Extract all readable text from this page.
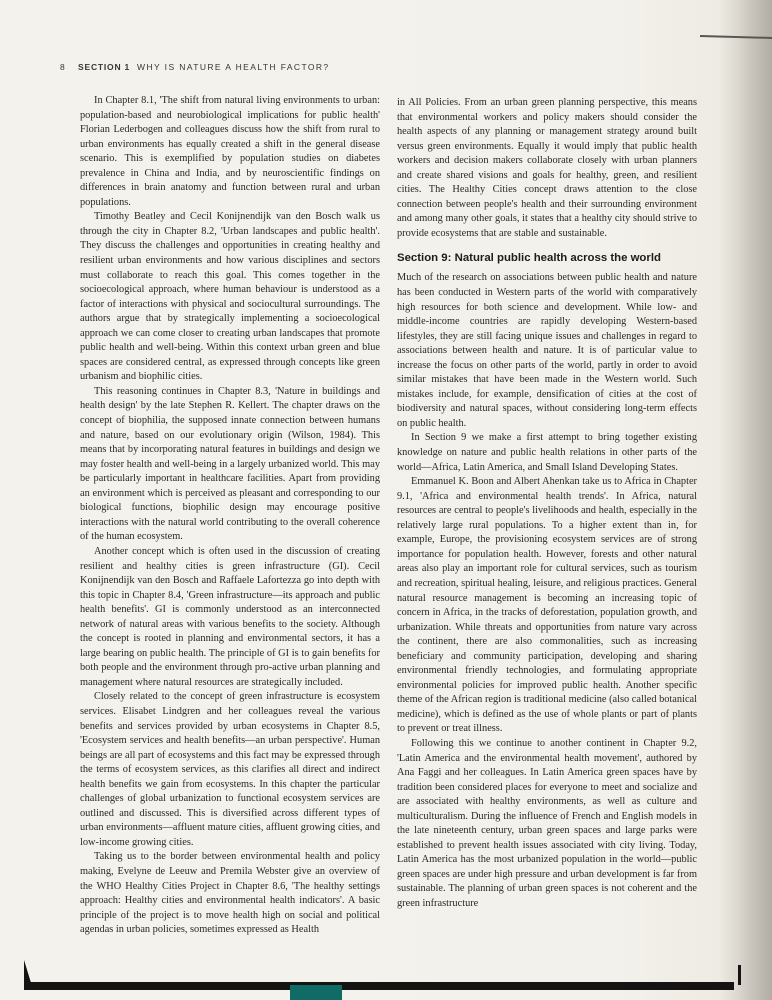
8 SECTION 1 WHY IS NATURE A HEALTH FACTOR?

In Chapter 8.1, 'The shift from natural living environments to urban: population-based and neurobiological implications for public health' Florian Lederbogen and colleagues discuss how the shift from rural to urban environments has equally created a shift in the general disease scenario. This is exemplified by population studies on diabetes prevalence in China and India, and by neuroscientific findings on differences in brain anatomy and function between rural and urban populations.

Timothy Beatley and Cecil Konijnendijk van den Bosch walk us through the city in Chapter 8.2, 'Urban landscapes and public health'. They discuss the challenges and opportunities in creating healthy and resilient urban environments and how various disciplines and sectors must collaborate to reach this goal. This comes together in the socioecological approach, where human behaviour is understood as a factor of interactions with physical and sociocultural surroundings. The authors argue that by strategically implementing a socioecological approach we can come closer to creating urban landscapes that promote public health and well-being. Within this context urban green and blue spaces are considered central, as expressed through concepts like green urbanism and biophilic cities.

This reasoning continues in Chapter 8.3, 'Nature in buildings and health design' by the late Stephen R. Kellert. The chapter draws on the concept of biophilia, the supposed innate connection between humans and nature, based on our evolutionary origin (Wilson, 1984). This means that by incorporating natural features in buildings and design we may foster health and well-being in a largely urbanized world. This may be particularly important in healthcare facilities. Apart from providing an environment which is perceived as pleasant and corresponding to our biological functions, biophilic design may encourage positive interactions with the natural world contributing to the overall coherence of the human ecosystem.

Another concept which is often used in the discussion of creating resilient and healthy cities is green infrastructure (GI). Cecil Konijnendijk van den Bosch and Raffaele Lafortezza go into depth with this topic in Chapter 8.4, 'Green infrastructure—its approach and public health benefits'. GI is commonly understood as an interconnected network of natural areas with various benefits to the society. Although the concept is rooted in planning and environmental sectors, it has a large bearing on public health. The principle of GI is to gain benefits for both people and the environment through pro-active urban planning and management where natural resources are strategically included.

Closely related to the concept of green infrastructure is ecosystem services. Elisabet Lindgren and her colleagues reveal the various benefits and services provided by urban ecosystems in Chapter 8.5, 'Ecosystem services and health benefits—an urban perspective'. Human beings are all part of ecosystems and this fact may be expressed through the terms of ecosystem services, as this clarifies all direct and indirect health benefits we gain from ecosystems. In this chapter the particular challenges of global urbanization to functional ecosystem services are outlined and discussed. This is diversified across different types of urban environments—affluent mature cities, affluent growing cities, and low-income growing cities.

Taking us to the border between environmental health and policy making, Evelyne de Leeuw and Premila Webster give an overview of the WHO Healthy Cities Project in Chapter 8.6, 'The healthy settings approach: Healthy cities and environmental health indicators'. A basic principle of the project is to move health high on social and political agendas in urban policies, sometimes expressed as Health

in All Policies. From an urban green planning perspective, this means that environmental workers and policy makers should consider the health aspects of any planning or management strategy around built versus green environments. Equally it would imply that public health workers and decision makers collaborate closely with urban planners and create shared visions and goals for healthy, green, and resilient cities. The Healthy Cities concept draws attention to the close connection between people's health and their surrounding environment and among many other goals, it states that a healthy city should strive to provide ecosystems that are stable and sustainable.

Section 9: Natural public health across the world

Much of the research on associations between public health and nature has been conducted in Western parts of the world with comparatively high resources for both science and development. While low- and middle-income countries are rapidly developing Western-based lifestyles, they are still facing unique issues and challenges in regard to associations between health and nature. It is of particular value to increase the focus on other parts of the world, partly in order to avoid similar mistakes that have been made in the Western world. Such mistakes include, for example, densification of cities at the cost of biodiversity and natural spaces, without considering long-term effects on public health.

In Section 9 we make a first attempt to bring together existing knowledge on nature and public health relations in other parts of the world—Africa, Latin America, and Small Island Developing States.

Emmanuel K. Boon and Albert Ahenkan take us to Africa in Chapter 9.1, 'Africa and environmental health trends'. In Africa, natural resources are central to people's livelihoods and health, especially in the relatively large rural populations. To a higher extent than in, for example, Europe, the provisioning ecosystem services are of strong importance for population health. However, forests and other natural areas also play an important role for cultural services, such as tourism and recreation, spiritual healing, leisure, and religious practices. General natural resource management is becoming an increasing topic of concern in Africa, in the tracks of deforestation, population growth, and urbanization. While threats and opportunities from nature vary across the continent, there are also commonalities, such as increasing beneficiary and community participation, developing and sharing environmental friendly technologies, and formulating appropriate environmental policies for improved public health. Another specific theme of the African region is traditional medicine (also called botanical medicine), which is defined as the use of whole plants or part of plants to prevent or treat illness.

Following this we continue to another continent in Chapter 9.2, 'Latin America and the environmental health movement', authored by Ana Faggi and her colleagues. In Latin America green spaces have by tradition been considered places for everyone to meet and socialize and are associated with healthy environments, as well as culture and multiculturalism. During the influence of French and English models in the late nineteenth century, urban green spaces and large parks were established to prevent health issues associated with city living. Today, Latin America has the most urbanized population in the world—public green spaces are under high pressure and urban development is far from sustainable. The planning of urban green spaces is not coherent and the green infrastructure
